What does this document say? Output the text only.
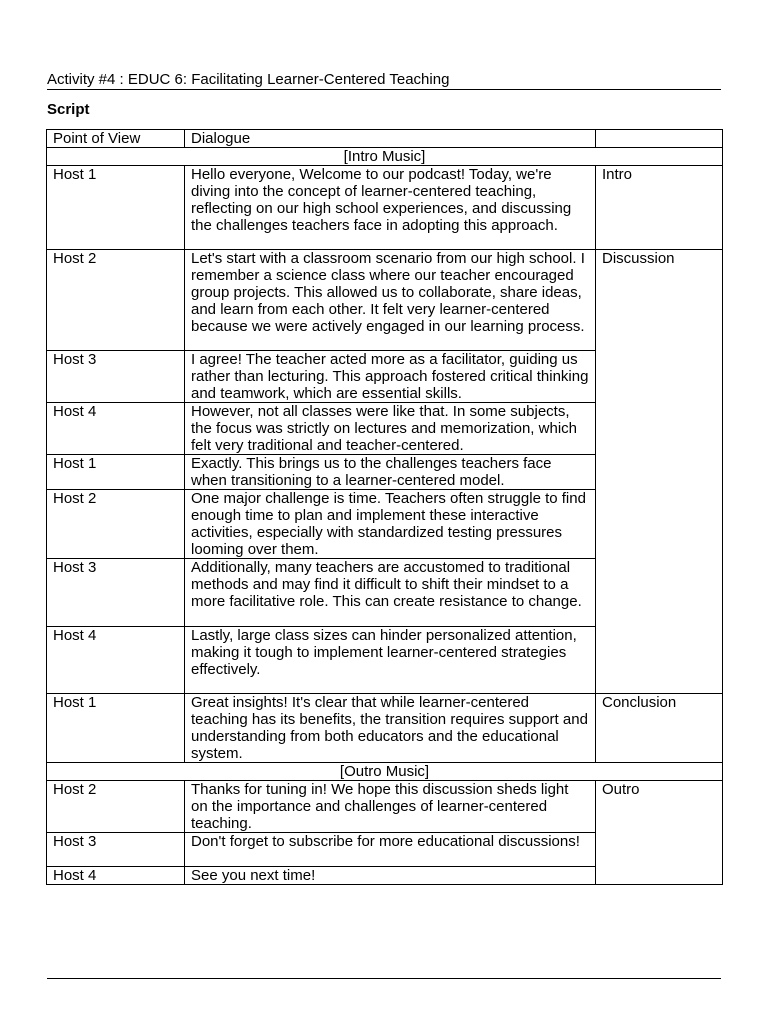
Activity #4 : EDUC 6: Facilitating Learner-Centered Teaching
Script
Point of View	Dialogue	
[Intro Music]		
Host 1	Hello everyone, Welcome to our podcast! Today, we're diving into the concept of learner-centered teaching, reflecting on our high school experiences, and discussing the challenges teachers face in adopting this approach.	Intro
Host 2	Let's start with a classroom scenario from our high school. I remember a science class where our teacher encouraged group projects. This allowed us to collaborate, share ideas, and learn from each other. It felt very learner-centered because we were actively engaged in our learning process.	Discussion
Host 3	I agree! The teacher acted more as a facilitator, guiding us rather than lecturing. This approach fostered critical thinking and teamwork, which are essential skills.	
Host 4	However, not all classes were like that. In some subjects, the focus was strictly on lectures and memorization, which felt very traditional and teacher-centered.	
Host 1	Exactly. This brings us to the challenges teachers face when transitioning to a learner-centered model.	
Host 2	One major challenge is time. Teachers often struggle to find enough time to plan and implement these interactive activities, especially with standardized testing pressures looming over them.	
Host 3	Additionally, many teachers are accustomed to traditional methods and may find it difficult to shift their mindset to a more facilitative role. This can create resistance to change.	
Host 4	Lastly, large class sizes can hinder personalized attention, making it tough to implement learner-centered strategies effectively.	
Host 1	Great insights! It's clear that while learner-centered teaching has its benefits, the transition requires support and understanding from both educators and the educational system.	Conclusion
[Outro Music]		
Host 2	Thanks for tuning in! We hope this discussion sheds light on the importance and challenges of learner-centered teaching.	Outro
Host 3	Don't forget to subscribe for more educational discussions!	
Host 4	See you next time!	
